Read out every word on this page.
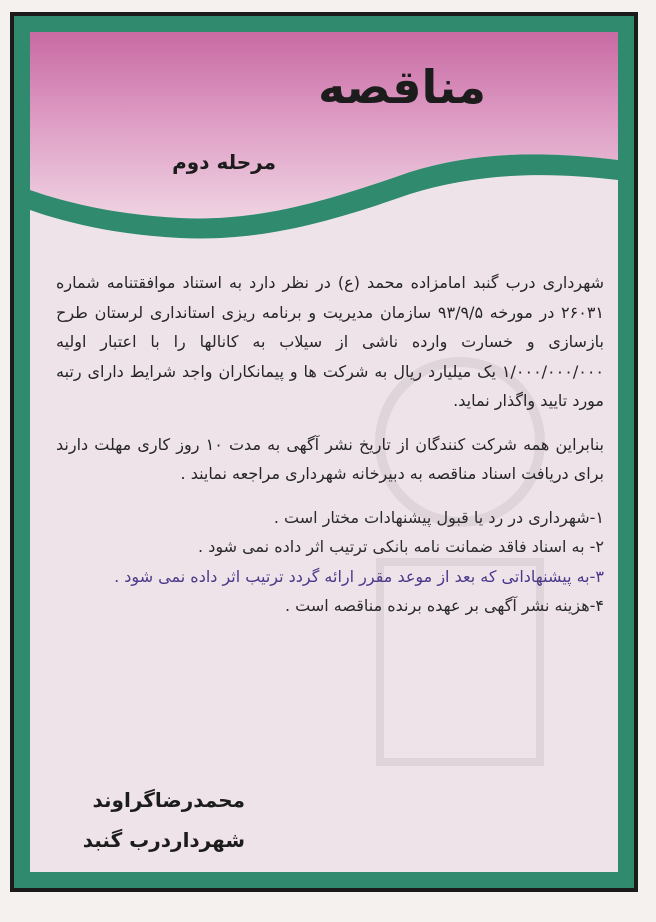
مناقصه
مرحله دوم

شهرداری درب گنبد امامزاده محمد (ع) در نظر دارد به استناد موافقتنامه شماره ۲۶۰۳۱ در مورخه ۹۳/۹/۵ سازمان مدیریت و برنامه ریزی استانداری لرستان طرح بازسازی و خسارت وارده ناشی از سیلاب به کانالها را با اعتبار اولیه ۱/۰۰۰/۰۰۰/۰۰۰ یک میلیارد ریال به شرکت ها و پیمانکاران واجد شرایط دارای رتبه مورد تایید واگذار نماید.

بنابراین همه شرکت کنندگان از تاریخ نشر آگهی به مدت ۱۰ روز کاری مهلت دارند برای دریافت اسناد مناقصه به دبیرخانه شهرداری مراجعه نمایند .

۱-شهرداری در رد یا قبول پیشنهادات مختار است .

۲- به اسناد فاقد ضمانت نامه بانکی ترتیب اثر داده نمی شود .

۳-به پیشنهاداتی که بعد از موعد مقرر ارائه گردد ترتیب اثر داده نمی شود .

۴-هزینه نشر آگهی بر عهده برنده مناقصه است .

محمدرضاگراوند
شهرداردرب گنبد
